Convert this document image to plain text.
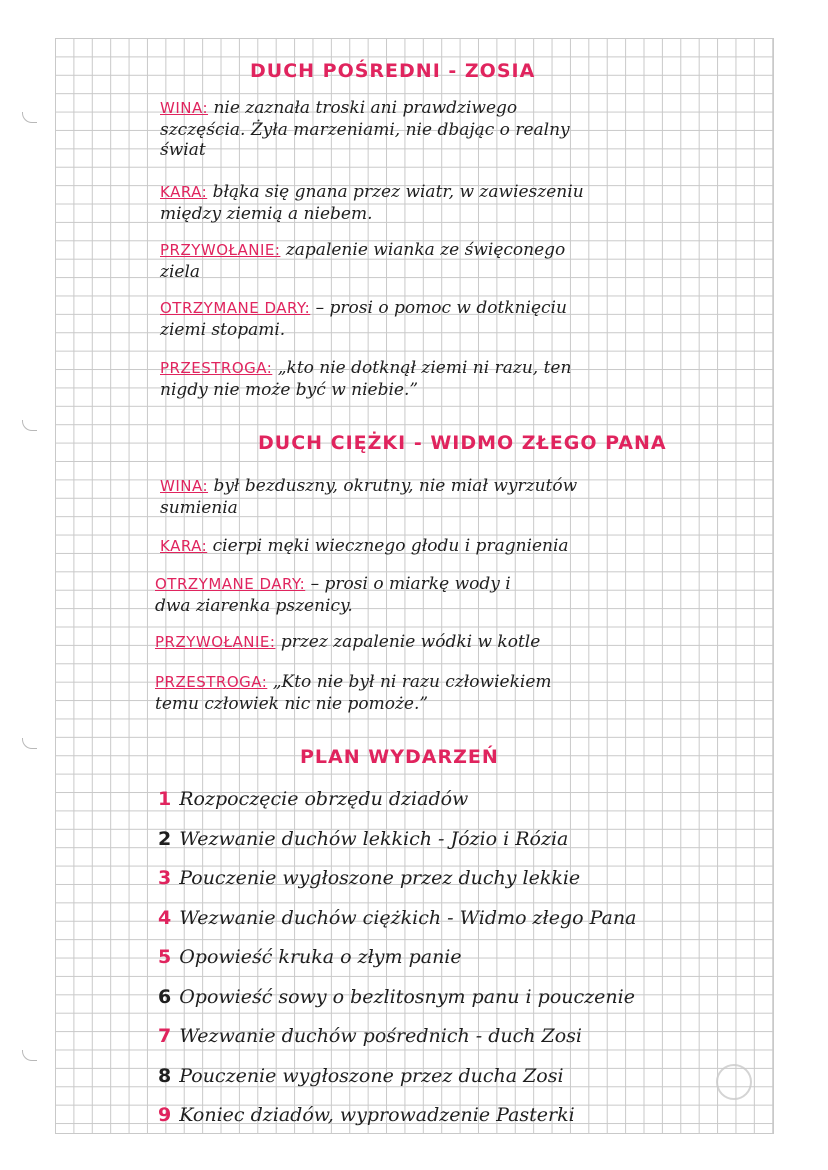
DUCH POŚREDNI - ZOSIA
WINA: nie zaznała troski ani prawdziwego
szczęścia. Żyła marzeniami, nie dbając o realny
świat
KARA: błąka się gnana przez wiatr, w zawieszeniu
między ziemią a niebem.
PRZYWOŁANIE: zapalenie wianka ze święconego
ziela
OTRZYMANE DARY: – prosi o pomoc w dotknięciu
ziemi stopami.
PRZESTROGA: „kto nie dotknął ziemi ni razu, ten
nigdy nie może być w niebie.”
DUCH CIĘŻKI - WIDMO ZŁEGO PANA
WINA: był bezduszny, okrutny, nie miał wyrzutów
sumienia
KARA: cierpi męki wiecznego głodu i pragnienia
OTRZYMANE DARY: – prosi o miarkę wody i
dwa ziarenka pszenicy.
PRZYWOŁANIE: przez zapalenie wódki w kotle
PRZESTROGA: „Kto nie był ni razu człowiekiem
temu człowiek nic nie pomoże.”
PLAN WYDARZEŃ
1 Rozpoczęcie obrzędu dziadów
2 Wezwanie duchów lekkich - Józio i Rózia
3 Pouczenie wygłoszone przez duchy lekkie
4 Wezwanie duchów ciężkich - Widmo złego Pana
5 Opowieść kruka o złym panie
6 Opowieść sowy o bezlitosnym panu i pouczenie
7 Wezwanie duchów pośrednich - duch Zosi
8 Pouczenie wygłoszone przez ducha Zosi
9 Koniec dziadów, wyprowadzenie Pasterki
